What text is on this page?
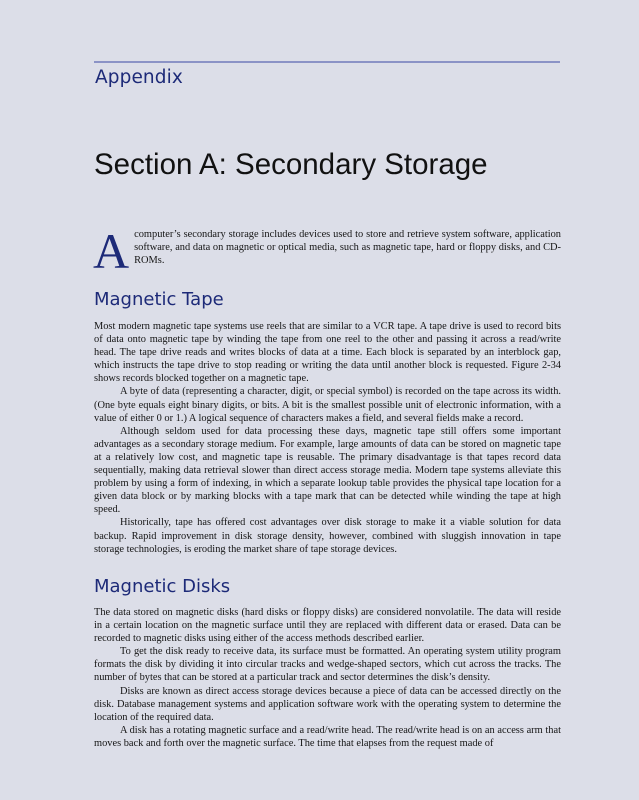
Appendix
Section A: Secondary Storage
A computer’s secondary storage includes devices used to store and retrieve system software, application software, and data on magnetic or optical media, such as magnetic tape, hard or floppy disks, and CD-ROMs.

Magnetic Tape

Most modern magnetic tape systems use reels that are similar to a VCR tape. A tape drive is used to record bits of data onto magnetic tape by winding the tape from one reel to the other and passing it across a read/write head. The tape drive reads and writes blocks of data at a time. Each block is separated by an interblock gap, which instructs the tape drive to stop reading or writing the data until another block is requested. Figure 2-34 shows records blocked together on a magnetic tape.

A byte of data (representing a character, digit, or special symbol) is recorded on the tape across its width. (One byte equals eight binary digits, or bits. A bit is the smallest possible unit of electronic information, with a value of either 0 or 1.) A logical sequence of characters makes a field, and several fields make a record.

Although seldom used for data processing these days, magnetic tape still offers some important advantages as a secondary storage medium. For example, large amounts of data can be stored on magnetic tape at a relatively low cost, and magnetic tape is reusable. The primary disadvantage is that tapes record data sequentially, making data retrieval slower than direct access storage media. Modern tape systems alleviate this problem by using a form of indexing, in which a separate lookup table provides the physical tape location for a given data block or by marking blocks with a tape mark that can be detected while winding the tape at high speed.

Historically, tape has offered cost advantages over disk storage to make it a viable solution for data backup. Rapid improvement in disk storage density, however, combined with sluggish innovation in tape storage technologies, is eroding the market share of tape storage devices.

Magnetic Disks

The data stored on magnetic disks (hard disks or floppy disks) are considered nonvolatile. The data will reside in a certain location on the magnetic surface until they are replaced with different data or erased. Data can be recorded to magnetic disks using either of the access methods described earlier.

To get the disk ready to receive data, its surface must be formatted. An operating system utility program formats the disk by dividing it into circular tracks and wedge-shaped sectors, which cut across the tracks. The number of bytes that can be stored at a particular track and sector determines the disk’s density.

Disks are known as direct access storage devices because a piece of data can be accessed directly on the disk. Database management systems and application software work with the operating system to determine the location of the required data.

A disk has a rotating magnetic surface and a read/write head. The read/write head is on an access arm that moves back and forth over the magnetic surface. The time that elapses from the request made of
